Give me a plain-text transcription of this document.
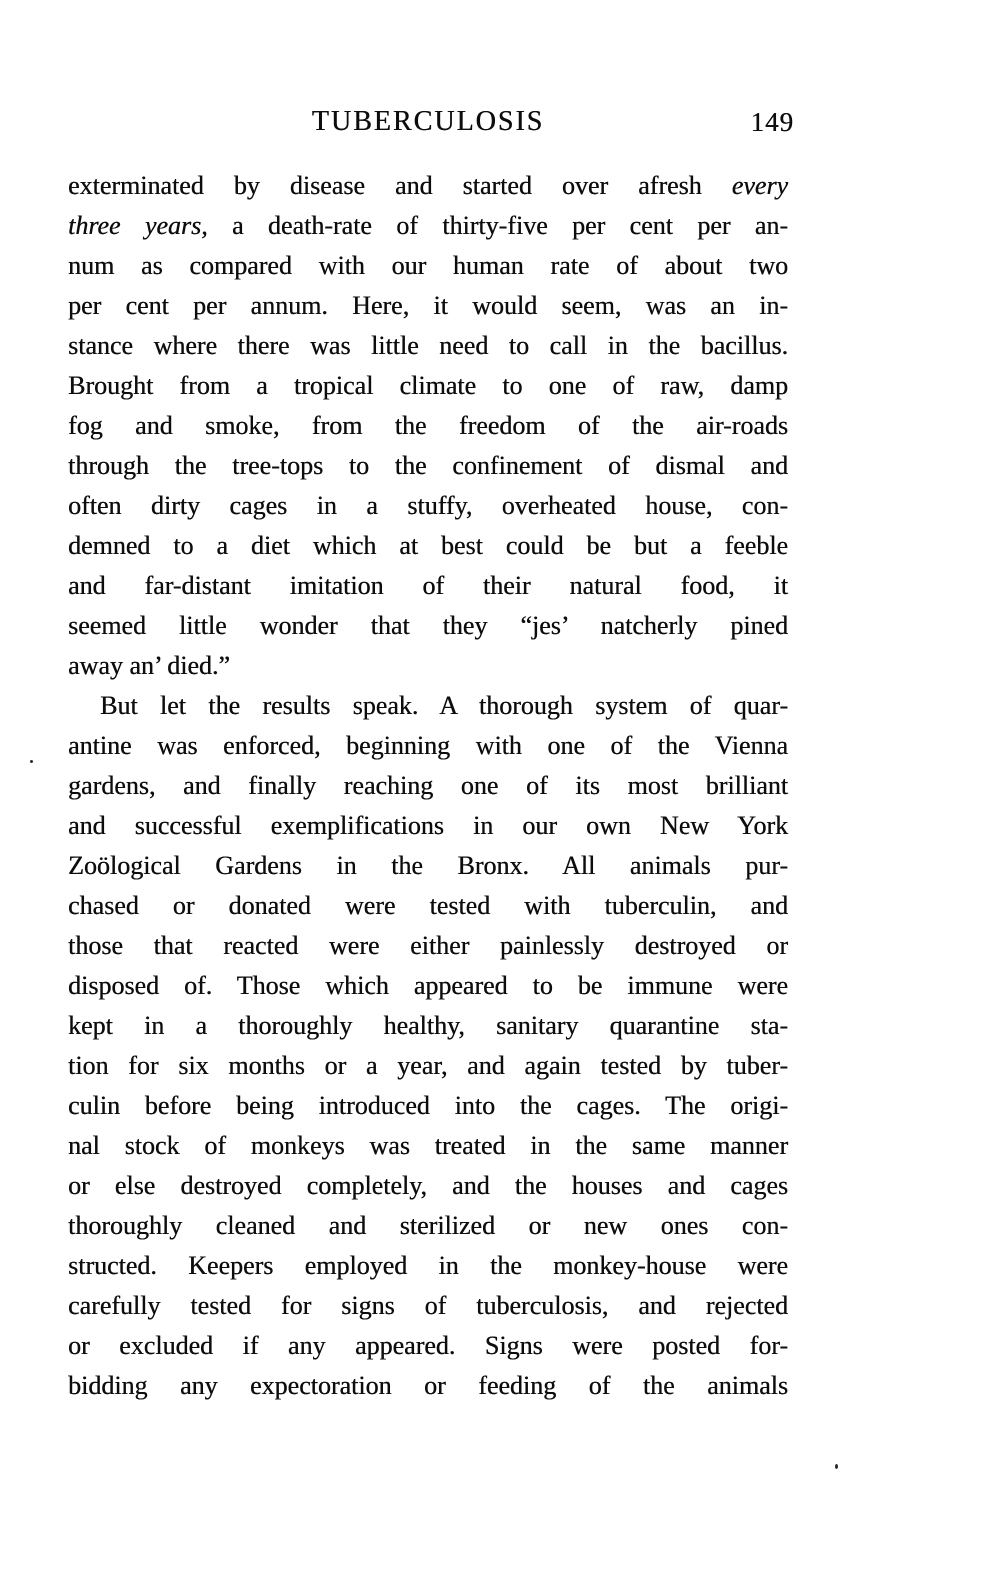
TUBERCULOSIS	149
exterminated by disease and started over afresh every
three years, a death-rate of thirty-five per cent per an-
num as compared with our human rate of about two
per cent per annum. Here, it would seem, was an in-
stance where there was little need to call in the bacillus.
Brought from a tropical climate to one of raw, damp
fog and smoke, from the freedom of the air-roads
through the tree-tops to the confinement of dismal and
often dirty cages in a stuffy, overheated house, con-
demned to a diet which at best could be but a feeble
and far-distant imitation of their natural food, it
seemed little wonder that they “jes’ natcherly pined
away an’ died.”
But let the results speak. A thorough system of quar-
antine was enforced, beginning with one of the Vienna
gardens, and finally reaching one of its most brilliant
and successful exemplifications in our own New York
Zoölogical Gardens in the Bronx. All animals pur-
chased or donated were tested with tuberculin, and
those that reacted were either painlessly destroyed or
disposed of. Those which appeared to be immune were
kept in a thoroughly healthy, sanitary quarantine sta-
tion for six months or a year, and again tested by tuber-
culin before being introduced into the cages. The origi-
nal stock of monkeys was treated in the same manner
or else destroyed completely, and the houses and cages
thoroughly cleaned and sterilized or new ones con-
structed. Keepers employed in the monkey-house were
carefully tested for signs of tuberculosis, and rejected
or excluded if any appeared. Signs were posted for-
bidding any expectoration or feeding of the animals
